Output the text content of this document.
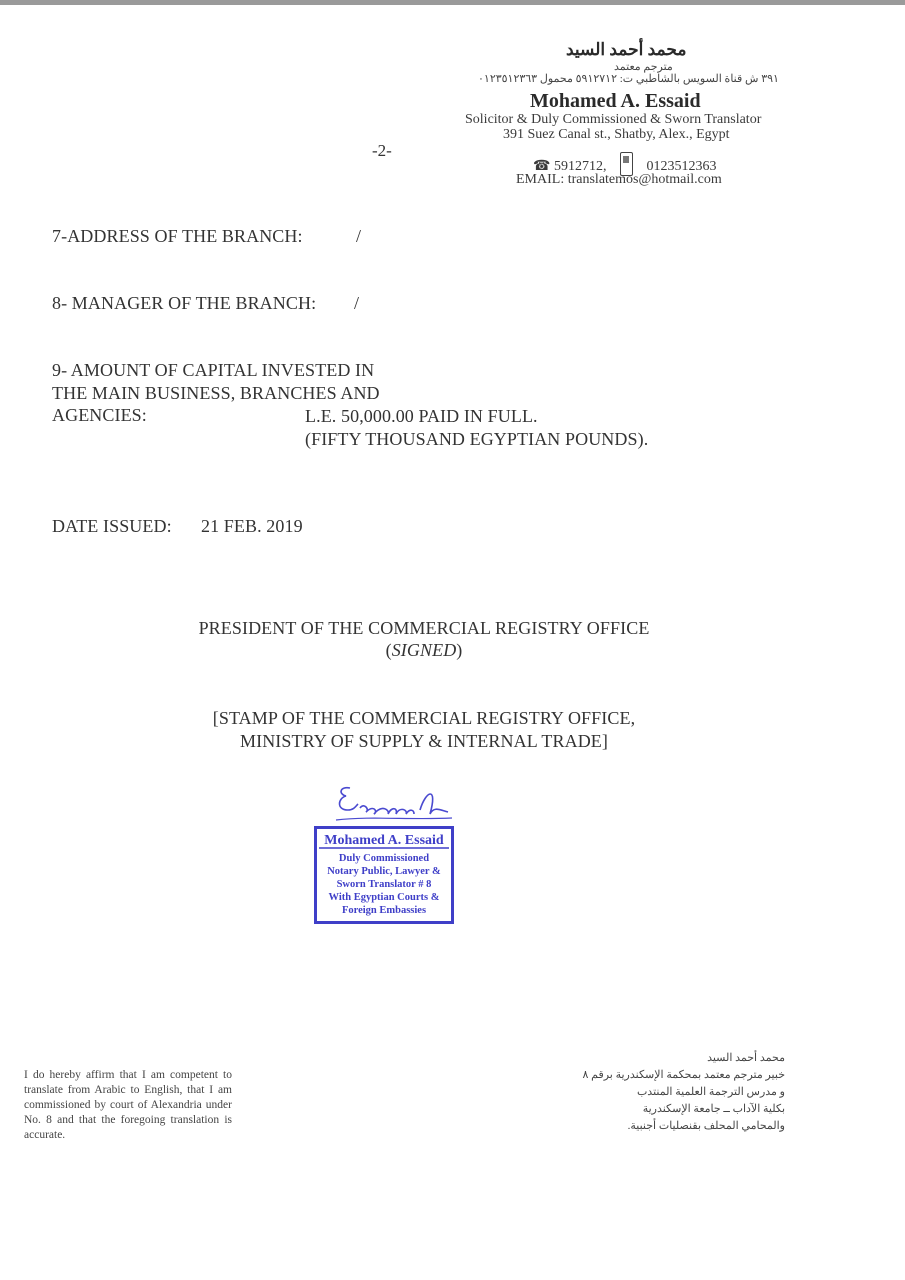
محمد أحمد السيد
مترجم معتمد
٣٩١ ش قناة السويس بالشاطبي ت: ٥٩١٢٧١٢ محمول ٠١٢٣٥١٢٣٦٣
Mohamed A. Essaid
Solicitor & Duly Commissioned & Sworn Translator
391 Suez Canal st., Shatby, Alex., Egypt
☎ 5912712,	0123512363
EMAIL: translatemos@hotmail.com
-2-
7-ADDRESS OF THE BRANCH:	/
8- MANAGER OF THE BRANCH: /
9- AMOUNT OF CAPITAL INVESTED IN
THE MAIN BUSINESS, BRANCHES AND
AGENCIES:	L.E. 50,000.00 PAID IN FULL.
(FIFTY THOUSAND EGYPTIAN POUNDS).
DATE ISSUED: 21 FEB. 2019
PRESIDENT OF THE COMMERCIAL REGISTRY OFFICE
(SIGNED)
[STAMP OF THE COMMERCIAL REGISTRY OFFICE,
MINISTRY OF SUPPLY & INTERNAL TRADE]
Mohamed A. Essaid
Duly Commissioned
Notary Public, Lawyer &
Sworn Translator # 8
With Egyptian Courts &
Foreign Embassies
I do hereby affirm that I am competent to translate from Arabic to English, that I am commissioned by court of Alexandria under No. 8 and that the foregoing translation is accurate.
محمد أحمد السيد
خبير مترجم معتمد بمحكمة الإسكندرية برقم ٨
و مدرس الترجمة العلمية المنتدب
بكلية الآداب ــ جامعة الإسكندرية
والمحامي المحلف بقنصليات أجنبية.
